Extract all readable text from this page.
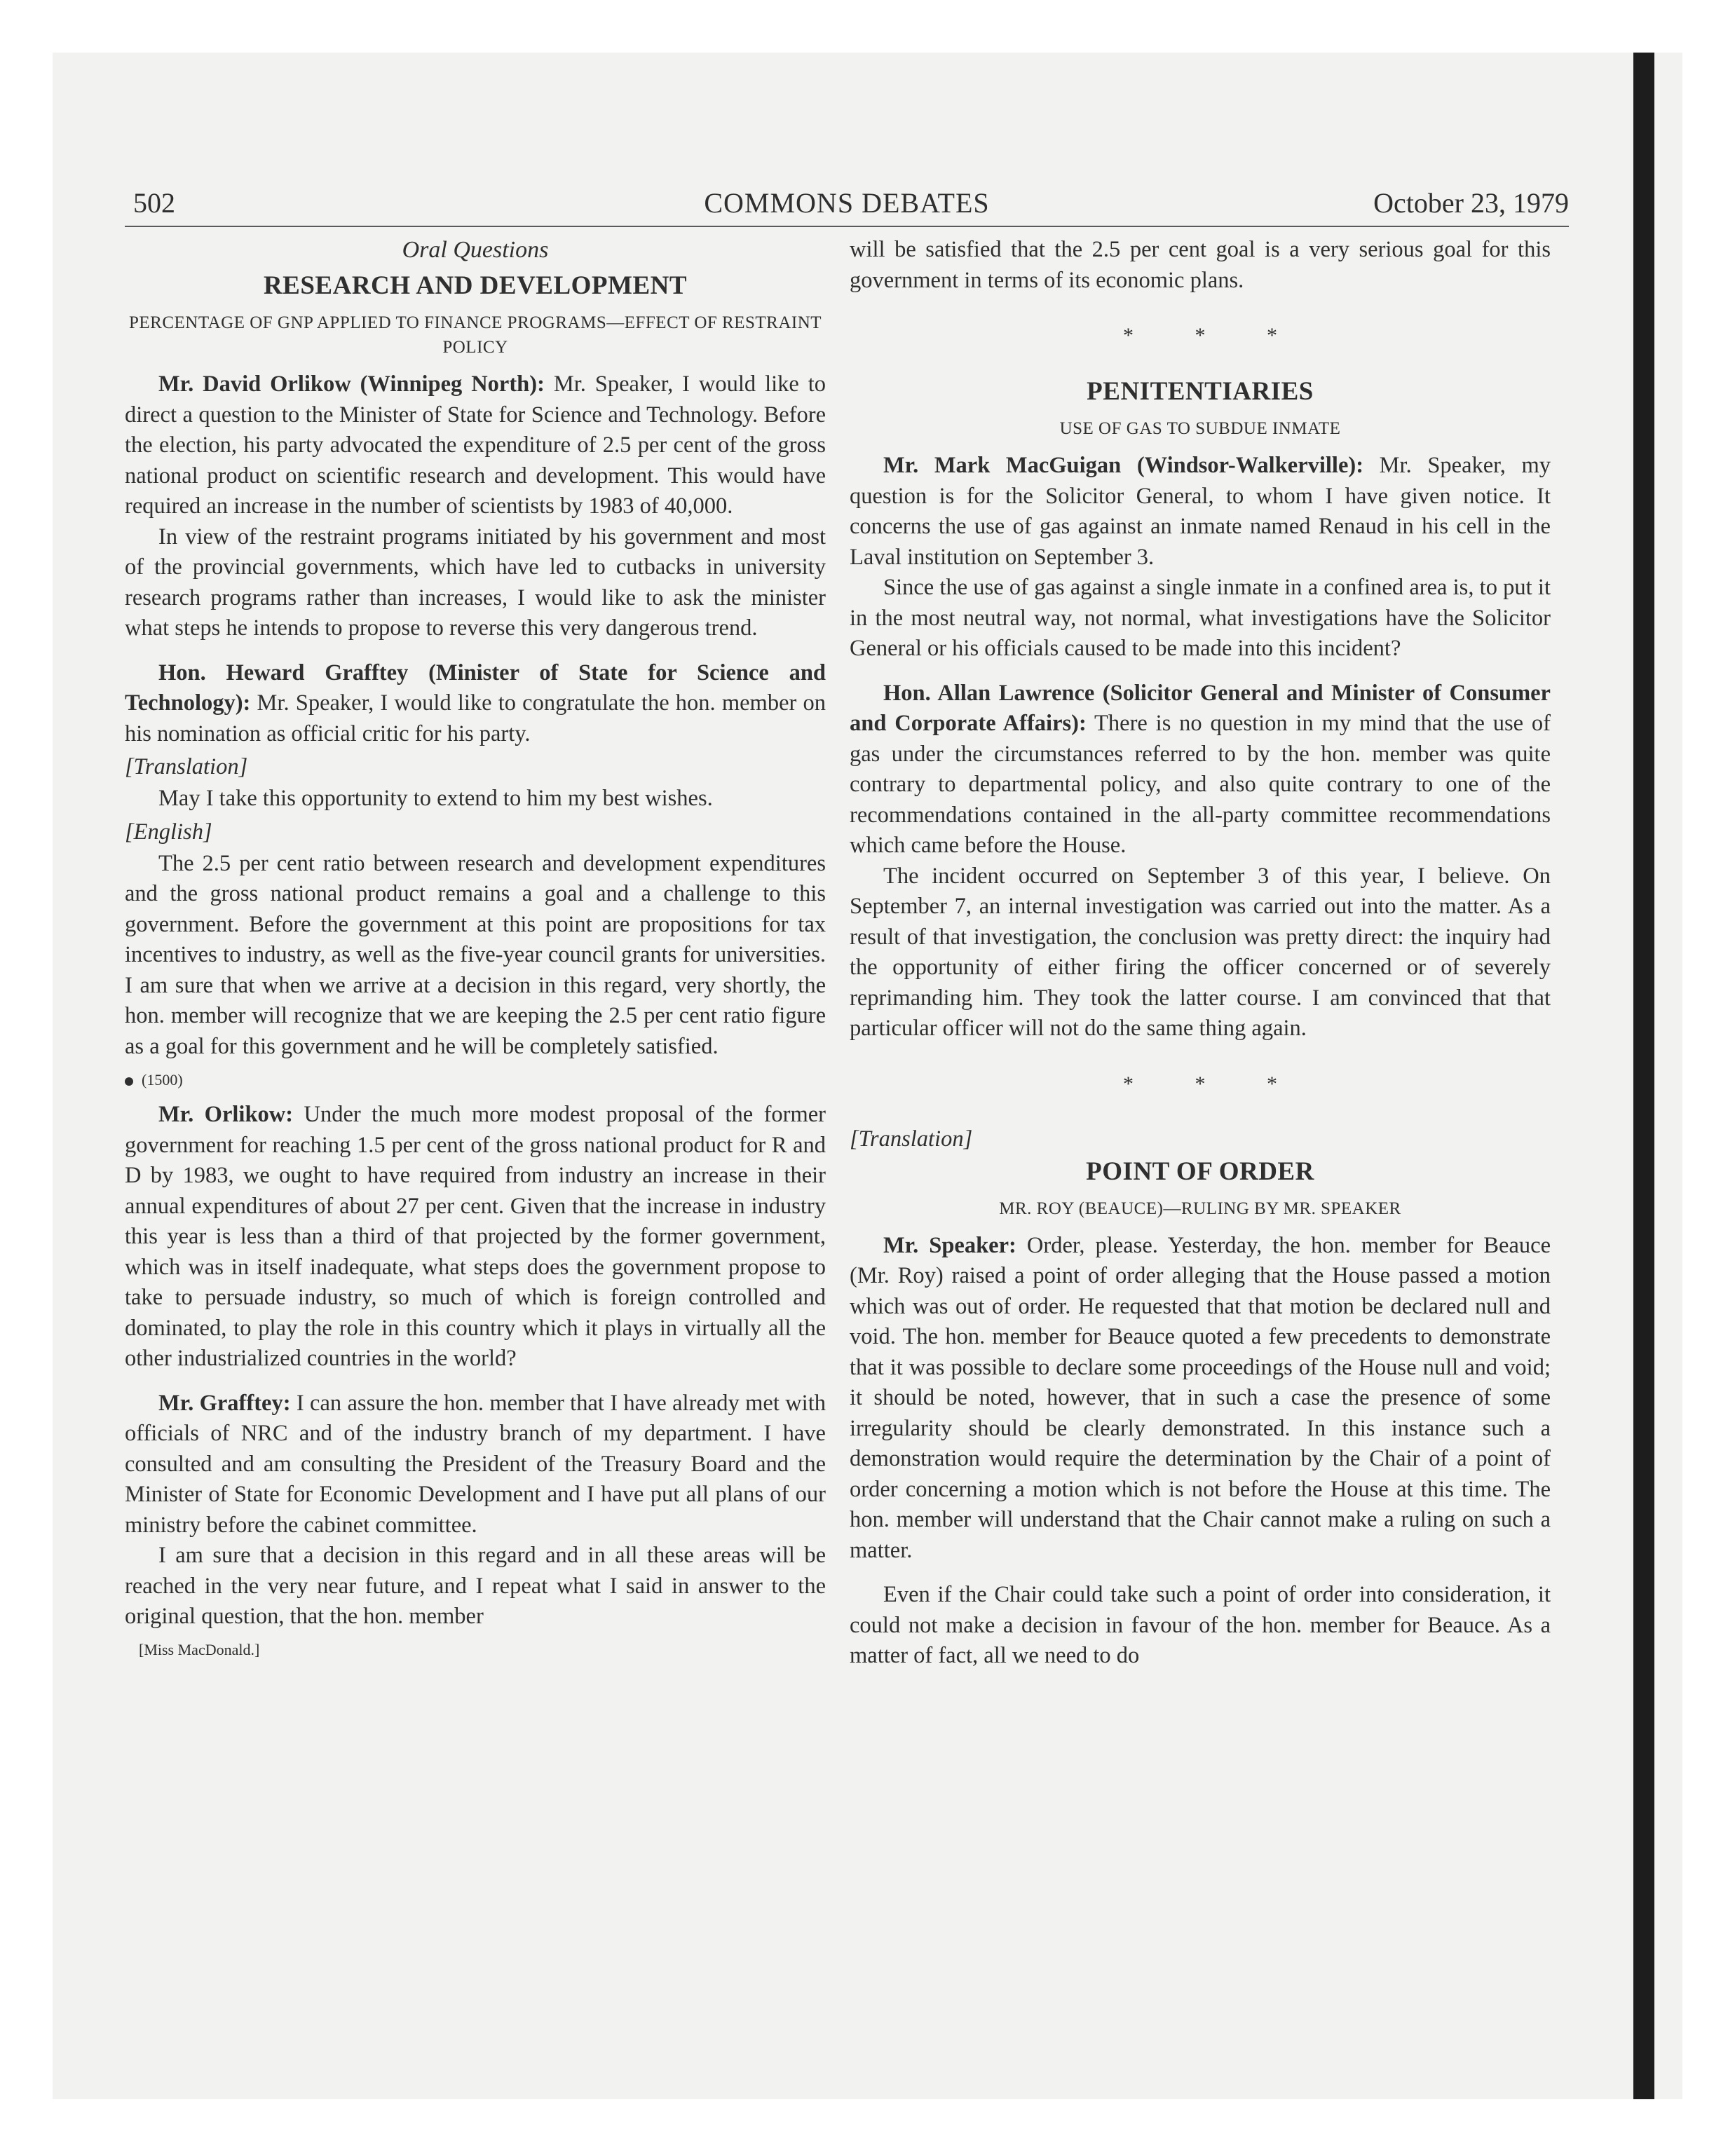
502	COMMONS DEBATES	October 23, 1979

Oral Questions

RESEARCH AND DEVELOPMENT

PERCENTAGE OF GNP APPLIED TO FINANCE PROGRAMS—EFFECT OF RESTRAINT POLICY

Mr. David Orlikow (Winnipeg North): Mr. Speaker, I would like to direct a question to the Minister of State for Science and Technology. Before the election, his party advocated the expenditure of 2.5 per cent of the gross national product on scientific research and development. This would have required an increase in the number of scientists by 1983 of 40,000.

In view of the restraint programs initiated by his government and most of the provincial governments, which have led to cutbacks in university research programs rather than increases, I would like to ask the minister what steps he intends to propose to reverse this very dangerous trend.

Hon. Heward Grafftey (Minister of State for Science and Technology): Mr. Speaker, I would like to congratulate the hon. member on his nomination as official critic for his party.

[Translation]

May I take this opportunity to extend to him my best wishes.

[English]

The 2.5 per cent ratio between research and development expenditures and the gross national product remains a goal and a challenge to this government. Before the government at this point are propositions for tax incentives to industry, as well as the five-year council grants for universities. I am sure that when we arrive at a decision in this regard, very shortly, the hon. member will recognize that we are keeping the 2.5 per cent ratio figure as a goal for this government and he will be completely satisfied.

(1500)

Mr. Orlikow: Under the much more modest proposal of the former government for reaching 1.5 per cent of the gross national product for R and D by 1983, we ought to have required from industry an increase in their annual expenditures of about 27 per cent. Given that the increase in industry this year is less than a third of that projected by the former government, which was in itself inadequate, what steps does the government propose to take to persuade industry, so much of which is foreign controlled and dominated, to play the role in this country which it plays in virtually all the other industrialized countries in the world?

Mr. Grafftey: I can assure the hon. member that I have already met with officials of NRC and of the industry branch of my department. I have consulted and am consulting the President of the Treasury Board and the Minister of State for Economic Development and I have put all plans of our ministry before the cabinet committee.

I am sure that a decision in this regard and in all these areas will be reached in the very near future, and I repeat what I said in answer to the original question, that the hon. member

[Miss MacDonald.]

will be satisfied that the 2.5 per cent goal is a very serious goal for this government in terms of its economic plans.

* * *

PENITENTIARIES

USE OF GAS TO SUBDUE INMATE

Mr. Mark MacGuigan (Windsor-Walkerville): Mr. Speaker, my question is for the Solicitor General, to whom I have given notice. It concerns the use of gas against an inmate named Renaud in his cell in the Laval institution on September 3.

Since the use of gas against a single inmate in a confined area is, to put it in the most neutral way, not normal, what investigations have the Solicitor General or his officials caused to be made into this incident?

Hon. Allan Lawrence (Solicitor General and Minister of Consumer and Corporate Affairs): There is no question in my mind that the use of gas under the circumstances referred to by the hon. member was quite contrary to departmental policy, and also quite contrary to one of the recommendations contained in the all-party committee recommendations which came before the House.

The incident occurred on September 3 of this year, I believe. On September 7, an internal investigation was carried out into the matter. As a result of that investigation, the conclusion was pretty direct: the inquiry had the opportunity of either firing the officer concerned or of severely reprimanding him. They took the latter course. I am convinced that that particular officer will not do the same thing again.

* * *

[Translation]

POINT OF ORDER

MR. ROY (BEAUCE)—RULING BY MR. SPEAKER

Mr. Speaker: Order, please. Yesterday, the hon. member for Beauce (Mr. Roy) raised a point of order alleging that the House passed a motion which was out of order. He requested that that motion be declared null and void. The hon. member for Beauce quoted a few precedents to demonstrate that it was possible to declare some proceedings of the House null and void; it should be noted, however, that in such a case the presence of some irregularity should be clearly demonstrated. In this instance such a demonstration would require the determination by the Chair of a point of order concerning a motion which is not before the House at this time. The hon. member will understand that the Chair cannot make a ruling on such a matter.

Even if the Chair could take such a point of order into consideration, it could not make a decision in favour of the hon. member for Beauce. As a matter of fact, all we need to do
